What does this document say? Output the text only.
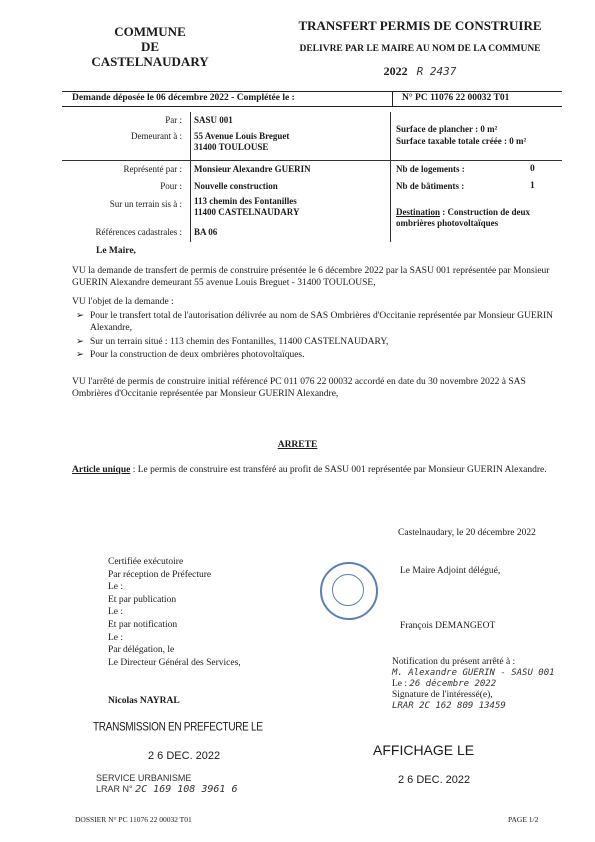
COMMUNE
DE
CASTELNAUDARY
TRANSFERT PERMIS DE CONSTRUIRE
DELIVRE PAR LE MAIRE AU NOM DE LA COMMUNE
2022 R 2437
Demande déposée le 06 décembre 2022 - Complétée le :	N° PC 11076 22 00032 T01
Par : SASU 001
Demeurant à : 55 Avenue Louis Breguet
31400 TOULOUSE
Représenté par : Monsieur Alexandre GUERIN
Pour : Nouvelle construction
Sur un terrain sis à : 113 chemin des Fontanilles
11400 CASTELNAUDARY
Références cadastrales : BA 06
Surface de plancher : 0 m²
Surface taxable totale créée : 0 m²
Nb de logements :	0
Nb de bâtiments :	1
Destination : Construction de deux ombrières photovoltaïques
Le Maire,
VU la demande de transfert de permis de construire présentée le 6 décembre 2022 par la SASU 001 représentée par Monsieur GUERIN Alexandre demeurant 55 avenue Louis Breguet - 31400 TOULOUSE,
VU l'objet de la demande :
➢ Pour le transfert total de l'autorisation délivrée au nom de SAS Ombrières d'Occitanie représentée par Monsieur GUERIN Alexandre,
➢ Sur un terrain situé : 113 chemin des Fontanilles, 11400 CASTELNAUDARY,
➢ Pour la construction de deux ombrières photovoltaïques.
VU l'arrêté de permis de construire initial référencé PC 011 076 22 00032 accordé en date du 30 novembre 2022 à SAS Ombrières d'Occitanie représentée par Monsieur GUERIN Alexandre,
ARRETE
Article unique : Le permis de construire est transféré au profit de SASU 001 représentée par Monsieur GUERIN Alexandre.
Castelnaudary, le 20 décembre 2022
Le Maire Adjoint délégué,
François DEMANGEOT
Certifiée exécutoire
Par réception de Préfecture
Le :
Et par publication
Le :
Et par notification
Le :
Par délégation, le
Le Directeur Général des Services,
Nicolas NAYRAL
Notification du présent arrêté à :
M. Alexandre GUERIN - SASU 001
Le : 26 décembre 2022
Signature de l'intéressé(e),
LRAR 2C 162 809 13459
TRANSMISSION EN PREFECTURE LE
2 6 DEC. 2022
SERVICE URBANISME
LRAR N° 2C 169 108 3961 6
AFFICHAGE LE
2 6 DEC. 2022
DOSSIER N° PC 11076 22 00032 T01	PAGE 1/2
